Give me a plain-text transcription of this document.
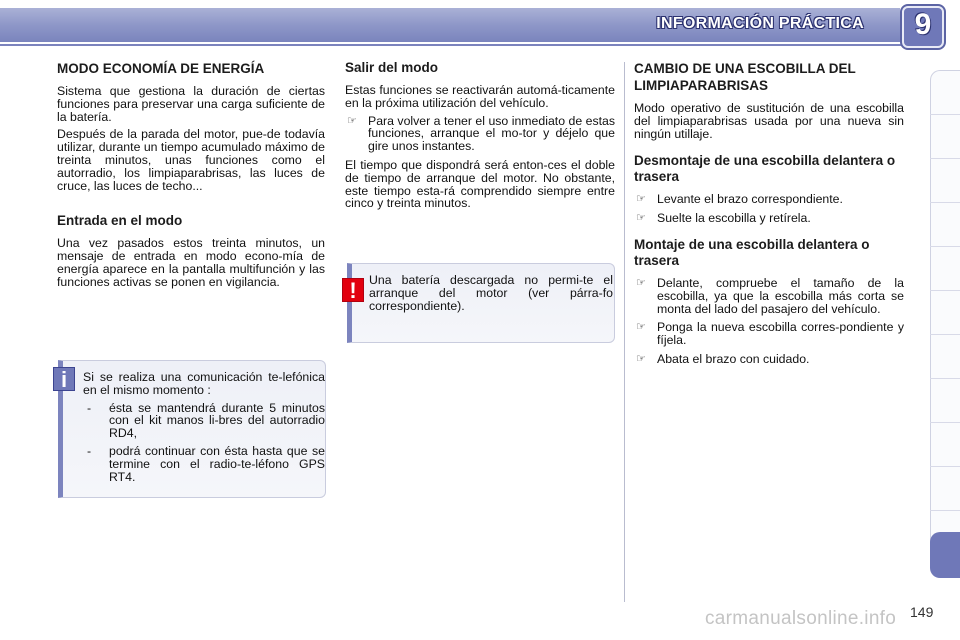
INFORMACIÓN PRÁCTICA	9
MODO ECONOMÍA DE ENERGÍA

Sistema que gestiona la duración de ciertas funciones para preservar una carga suficiente de la batería.

Después de la parada del motor, pue-de todavía utilizar, durante un tiempo acumulado máximo de treinta minutos, unas funciones como el autorradio, los limpiaparabrisas, las luces de cruce, las luces de techo...

Entrada en el modo

Una vez pasados estos treinta minutos, un mensaje de entrada en modo econo-mía de energía aparece en la pantalla multifunción y las funciones activas se ponen en vigilancia.

Si se realiza una comunicación te-lefónica en el mismo momento :
- ésta se mantendrá durante 5 minutos con el kit manos li-bres del autorradio RD4,
- podrá continuar con ésta hasta que se termine con el radio-te-léfono GPS RT4.
i
Salir del modo

Estas funciones se reactivarán automá-ticamente en la próxima utilización del vehículo.

☞ Para volver a tener el uso inmediato de estas funciones, arranque el mo-tor y déjelo que gire unos instantes.

El tiempo que dispondrá será enton-ces el doble de tiempo de arranque del motor. No obstante, este tiempo esta-rá comprendido siempre entre cinco y treinta minutos.

Una batería descargada no permi-te el arranque del motor (ver párra-fo correspondiente).
!
CAMBIO DE UNA ESCOBILLA DEL LIMPIAPARABRISAS

Modo operativo de sustitución de una escobilla del limpiaparabrisas usada por una nueva sin ningún utillaje.

Desmontaje de una escobilla delantera o trasera
☞ Levante el brazo correspondiente.
☞ Suelte la escobilla y retírela.
Montaje de una escobilla delantera o trasera
☞ Delante, compruebe el tamaño de la escobilla, ya que la escobilla más corta se monta del lado del pasajero del vehículo.
☞ Ponga la nueva escobilla corres-pondiente y fíjela.
☞ Abata el brazo con cuidado.
carmanualsonline.info 149
